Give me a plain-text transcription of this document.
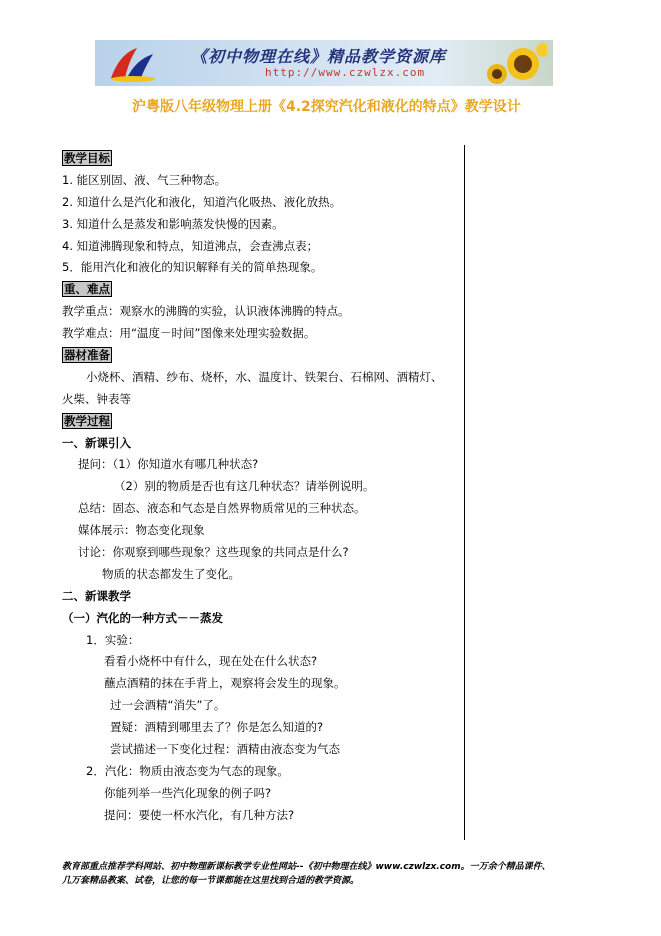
《初中物理在线》精品教学资源库
http://www.czwlzx.com
沪粤版八年级物理上册《4.2探究汽化和液化的特点》教学设计
教学目标
1. 能区别固、液、气三种物态。
2. 知道什么是汽化和液化，知道汽化吸热、液化放热。
3. 知道什么是蒸发和影响蒸发快慢的因素。
4. 知道沸腾现象和特点，知道沸点，会查沸点表；
5．能用汽化和液化的知识解释有关的简单热现象。
重、难点
教学重点：观察水的沸腾的实验，认识液体沸腾的特点。
教学难点：用“温度－时间”图像来处理实验数据。
器材准备
小烧杯、酒精、纱布、烧杯，水、温度计、铁架台、石棉网、酒精灯、
火柴、钟表等
教学过程
一、新课引入
提问：（1）你知道水有哪几种状态?
（2）别的物质是否也有这几种状态？请举例说明。
总结：固态、液态和气态是自然界物质常见的三种状态。
媒体展示：物态变化现象
讨论：你观察到哪些现象？这些现象的共同点是什么?
物质的状态都发生了变化。
二、新课教学
（一）汽化的一种方式－－蒸发
1．实验：
看看小烧杯中有什么，现在处在什么状态?
蘸点酒精的抹在手背上，观察将会发生的现象。
过一会酒精“消失”了。
置疑：酒精到哪里去了？你是怎么知道的?
尝试描述一下变化过程：酒精由液态变为气态
2．汽化：物质由液态变为气态的现象。
你能列举一些汽化现象的例子吗?
提问：要使一杯水汽化，有几种方法?
教育部重点推荐学科网站、初中物理新课标教学专业性网站--《初中物理在线》www.czwlzx.com。一万余个精品课件、
几万套精品教案、试卷，让您的每一节课都能在这里找到合适的教学资源。
